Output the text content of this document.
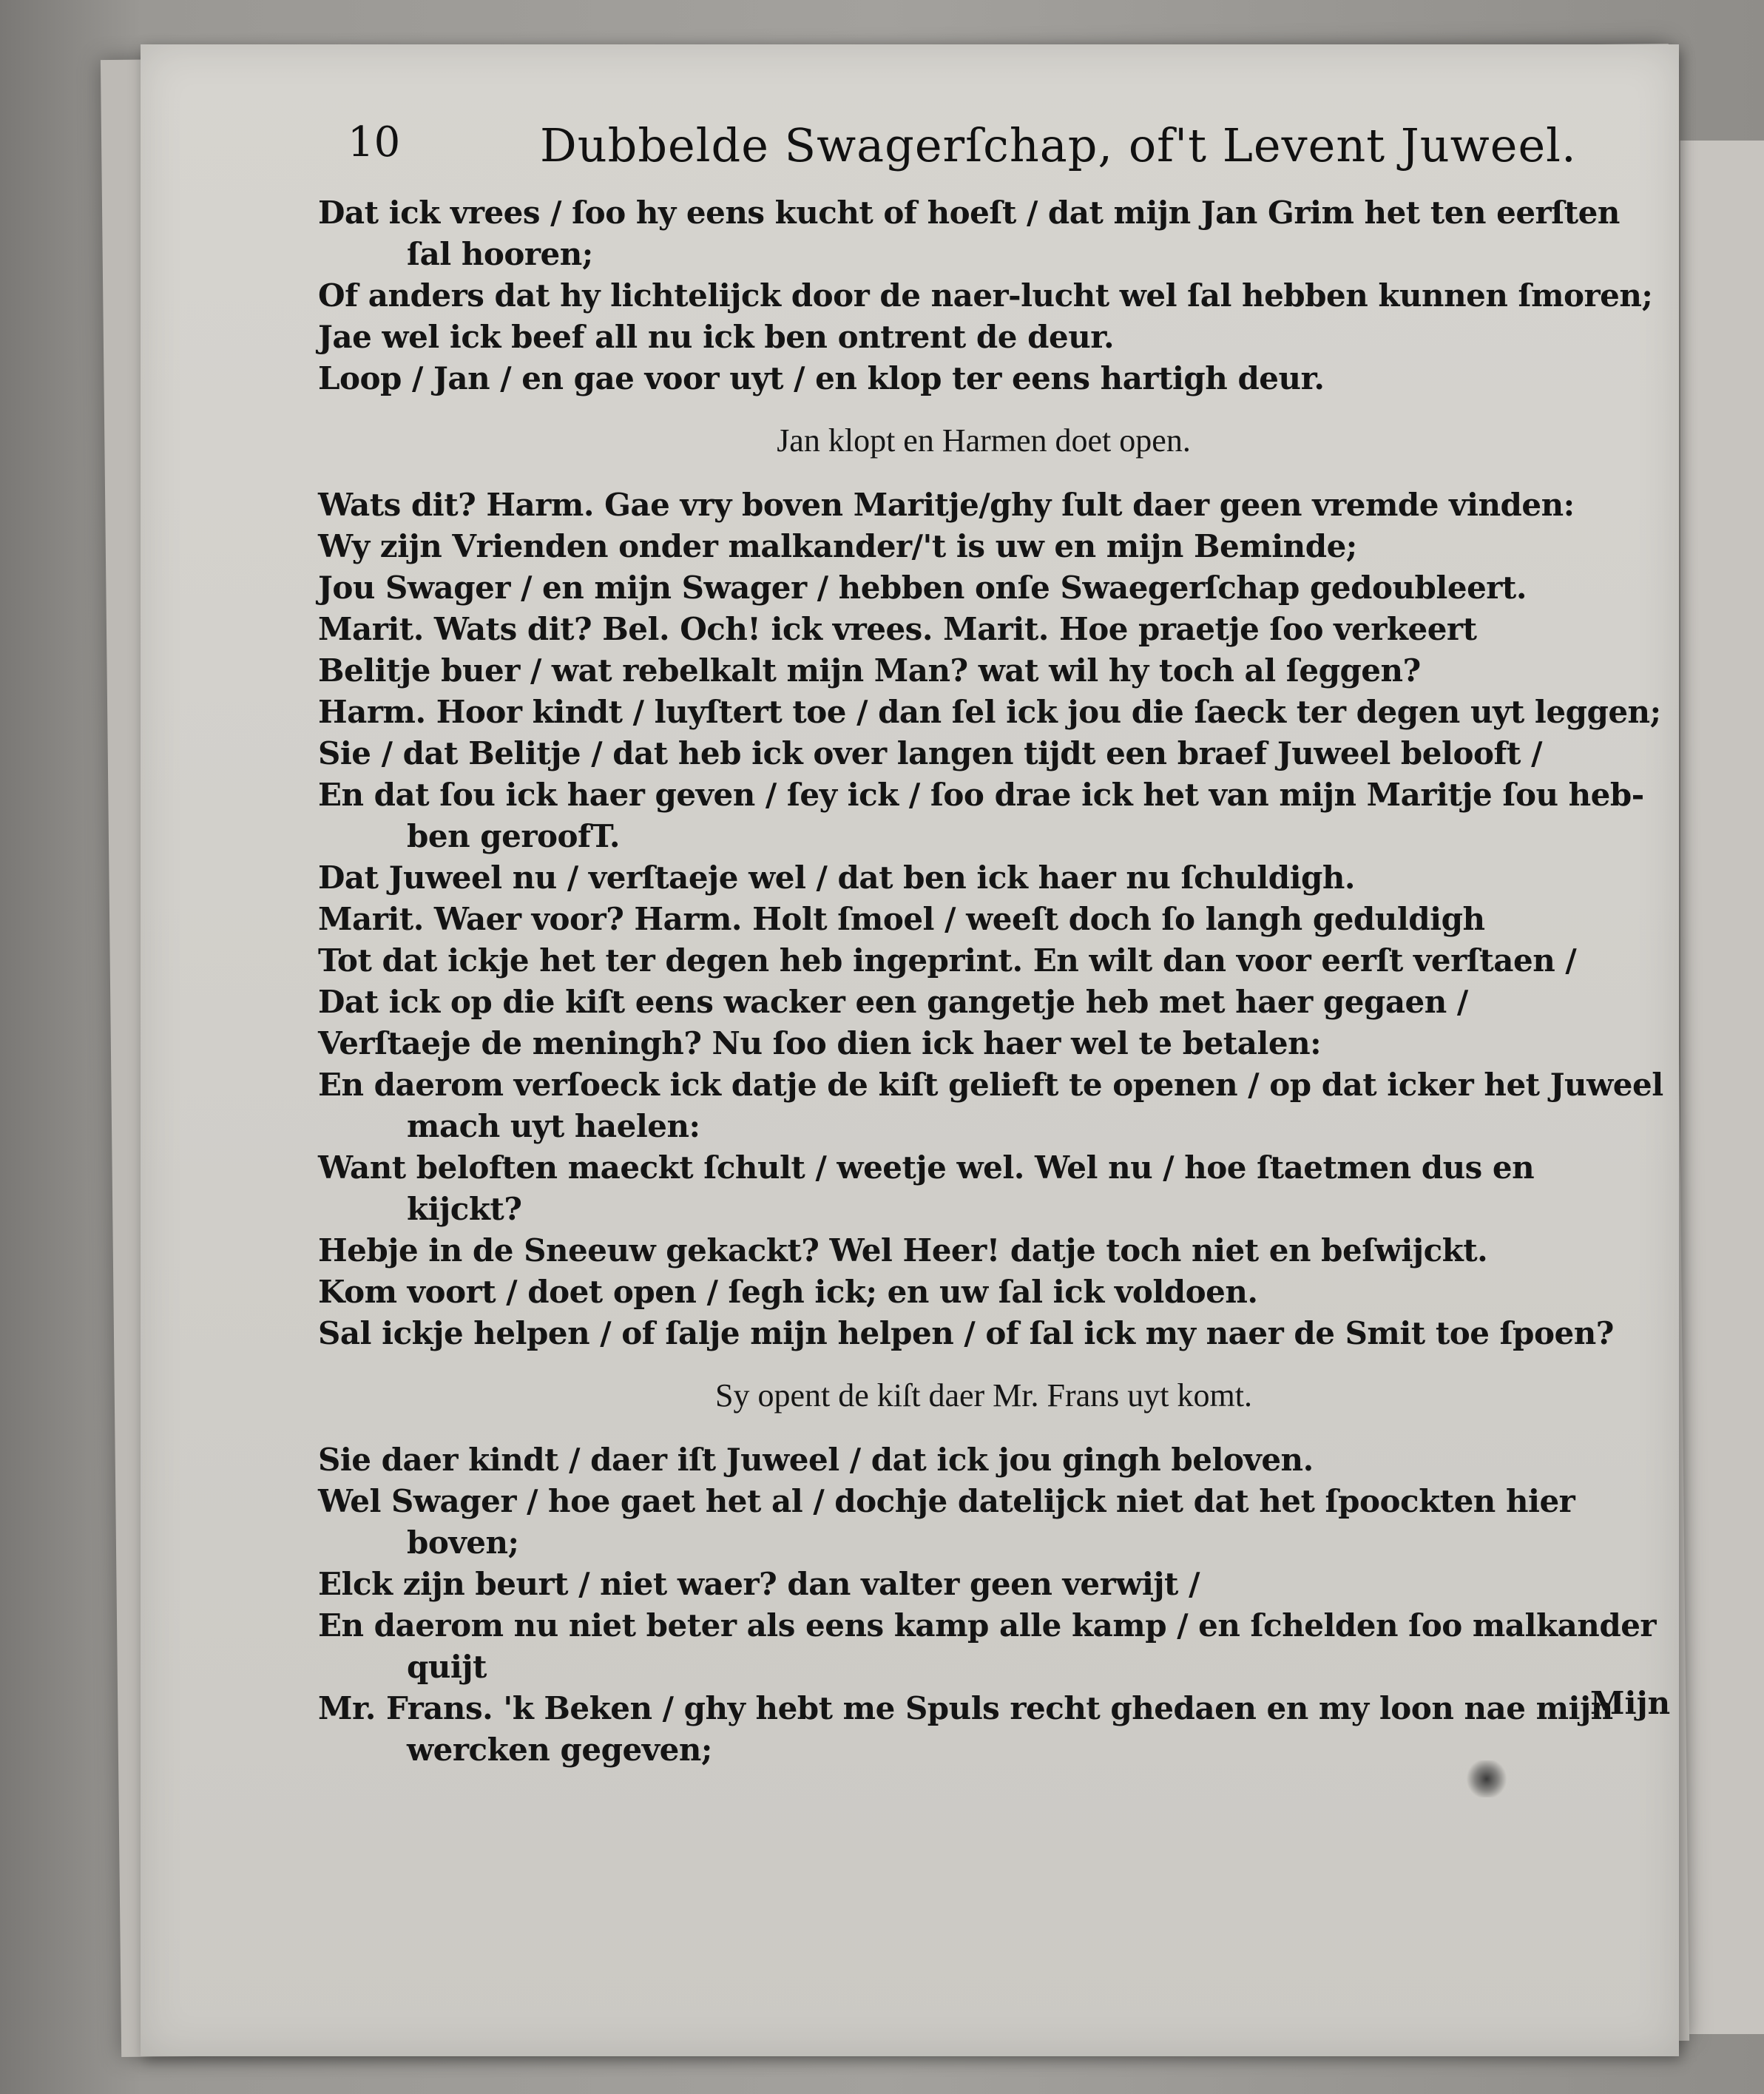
10	Dubbelde Swagerſchap, of't Levent Juweel.
Dat ick vrees / ſoo hy eens kucht of hoeſt / dat mijn Jan Grim het ten eerſten
ſal hooren;
Of anders dat hy lichtelijck door de naer-lucht wel ſal hebben kunnen ſmoren;
Jae wel ick beef all nu ick ben ontrent de deur.
Loop / Jan / en gae voor uyt / en klop ter eens hartigh deur.
Jan klopt en Harmen doet open.
Wats dit? Harm. Gae vry boven Maritje/ghy ſult daer geen vremde vinden:
Wy zijn Vrienden onder malkander/'t is uw en mijn Beminde;
Jou Swager / en mijn Swager / hebben onſe Swaegerſchap gedoubleert.
Marit. Wats dit? Bel. Och! ick vrees. Marit. Hoe praetje ſoo verkeert
Belitje buer / wat rebelkalt mijn Man? wat wil hy toch al ſeggen?
Harm. Hoor kindt / luyſtert toe / dan ſel ick jou die ſaeck ter degen uyt leggen;
Sie / dat Belitje / dat heb ick over langen tijdt een braef Juweel belooft /
En dat ſou ick haer geven / ſey ick / ſoo drae ick het van mijn Maritje ſou heb-
ben geroofT.
Dat Juweel nu / verſtaeje wel / dat ben ick haer nu ſchuldigh.
Marit. Waer voor? Harm. Holt ſmoel / weeſt doch ſo langh geduldigh
Tot dat ickje het ter degen heb ingeprint. En wilt dan voor eerſt verſtaen /
Dat ick op die kiſt eens wacker een gangetje heb met haer gegaen /
Verſtaeje de meningh? Nu ſoo dien ick haer wel te betalen:
En daerom verſoeck ick datje de kiſt gelieft te openen / op dat icker het Juweel
mach uyt haelen:
Want beloften maeckt ſchult / weetje wel. Wel nu / hoe ſtaetmen dus en
kijckt?
Hebje in de Sneeuw gekackt? Wel Heer! datje toch niet en beſwijckt.
Kom voort / doet open / ſegh ick; en uw ſal ick voldoen.
Sal ickje helpen / of ſalje mijn helpen / of ſal ick my naer de Smit toe ſpoen?
Sy opent de kiſt daer Mr. Frans uyt komt.
Sie daer kindt / daer iſt Juweel / dat ick jou gingh beloven.
Wel Swager / hoe gaet het al / dochje datelijck niet dat het ſpoockten hier
boven;
Elck zijn beurt / niet waer? dan valter geen verwijt /
En daerom nu niet beter als eens kamp alle kamp / en ſchelden ſoo malkander
quijt
Mr. Frans. 'k Beken / ghy hebt me Spuls recht ghedaen en my loon nae mijn
wercken gegeven;
Mijn
